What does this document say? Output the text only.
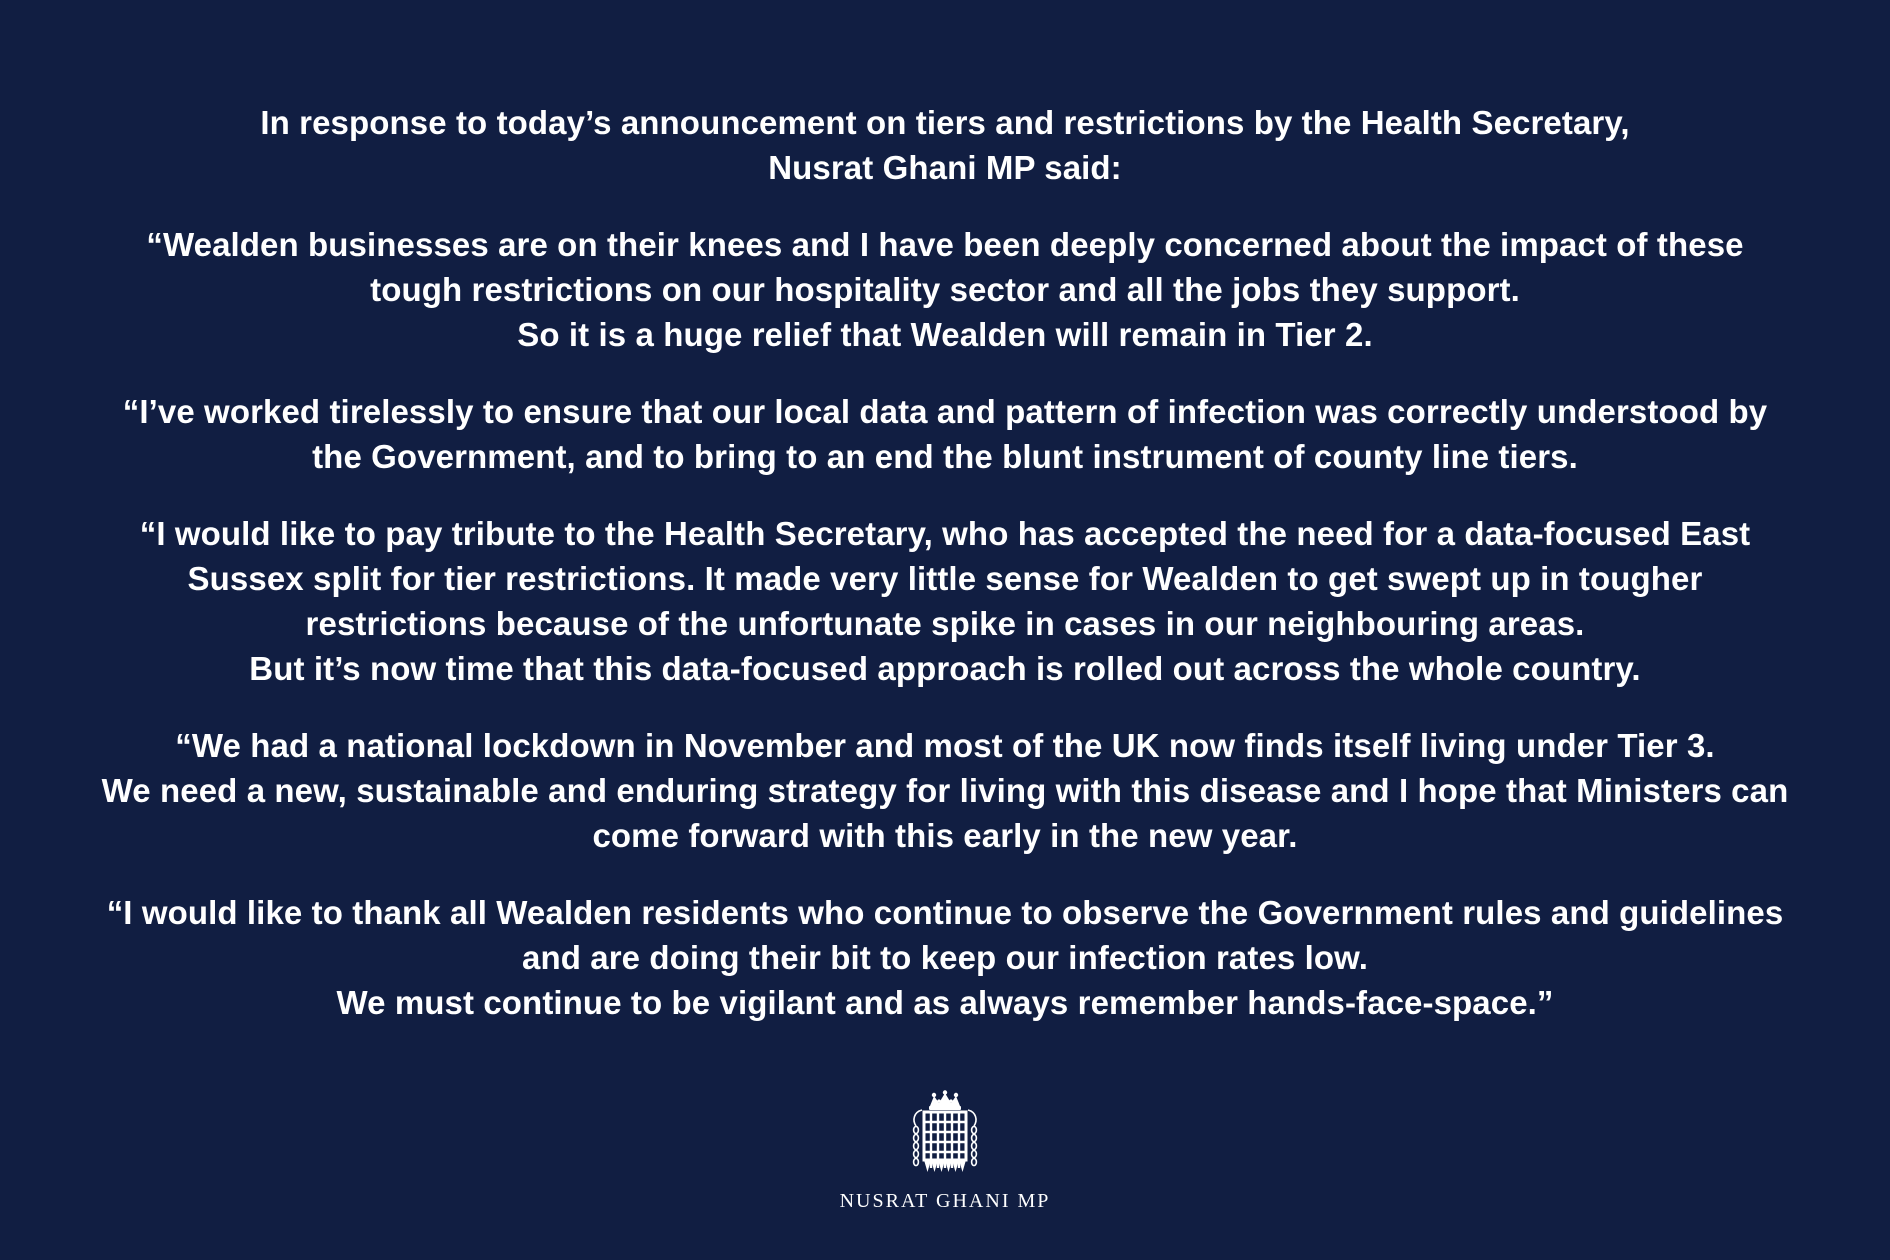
In response to today’s announcement on tiers and restrictions by the Health Secretary,
Nusrat Ghani MP said:

“Wealden businesses are on their knees and I have been deeply concerned about the impact of these
tough restrictions on our hospitality sector and all the jobs they support.
So it is a huge relief that Wealden will remain in Tier 2.

“I’ve worked tirelessly to ensure that our local data and pattern of infection was correctly understood by
the Government, and to bring to an end the blunt instrument of county line tiers.

“I would like to pay tribute to the Health Secretary, who has accepted the need for a data-focused East
Sussex split for tier restrictions. It made very little sense for Wealden to get swept up in tougher
restrictions because of the unfortunate spike in cases in our neighbouring areas.
But it’s now time that this data-focused approach is rolled out across the whole country.

“We had a national lockdown in November and most of the UK now finds itself living under Tier 3.
We need a new, sustainable and enduring strategy for living with this disease and I hope that Ministers can
come forward with this early in the new year.

“I would like to thank all Wealden residents who continue to observe the Government rules and guidelines
and are doing their bit to keep our infection rates low.
We must continue to be vigilant and as always remember hands-face-space.”

NUSRAT GHANI MP
